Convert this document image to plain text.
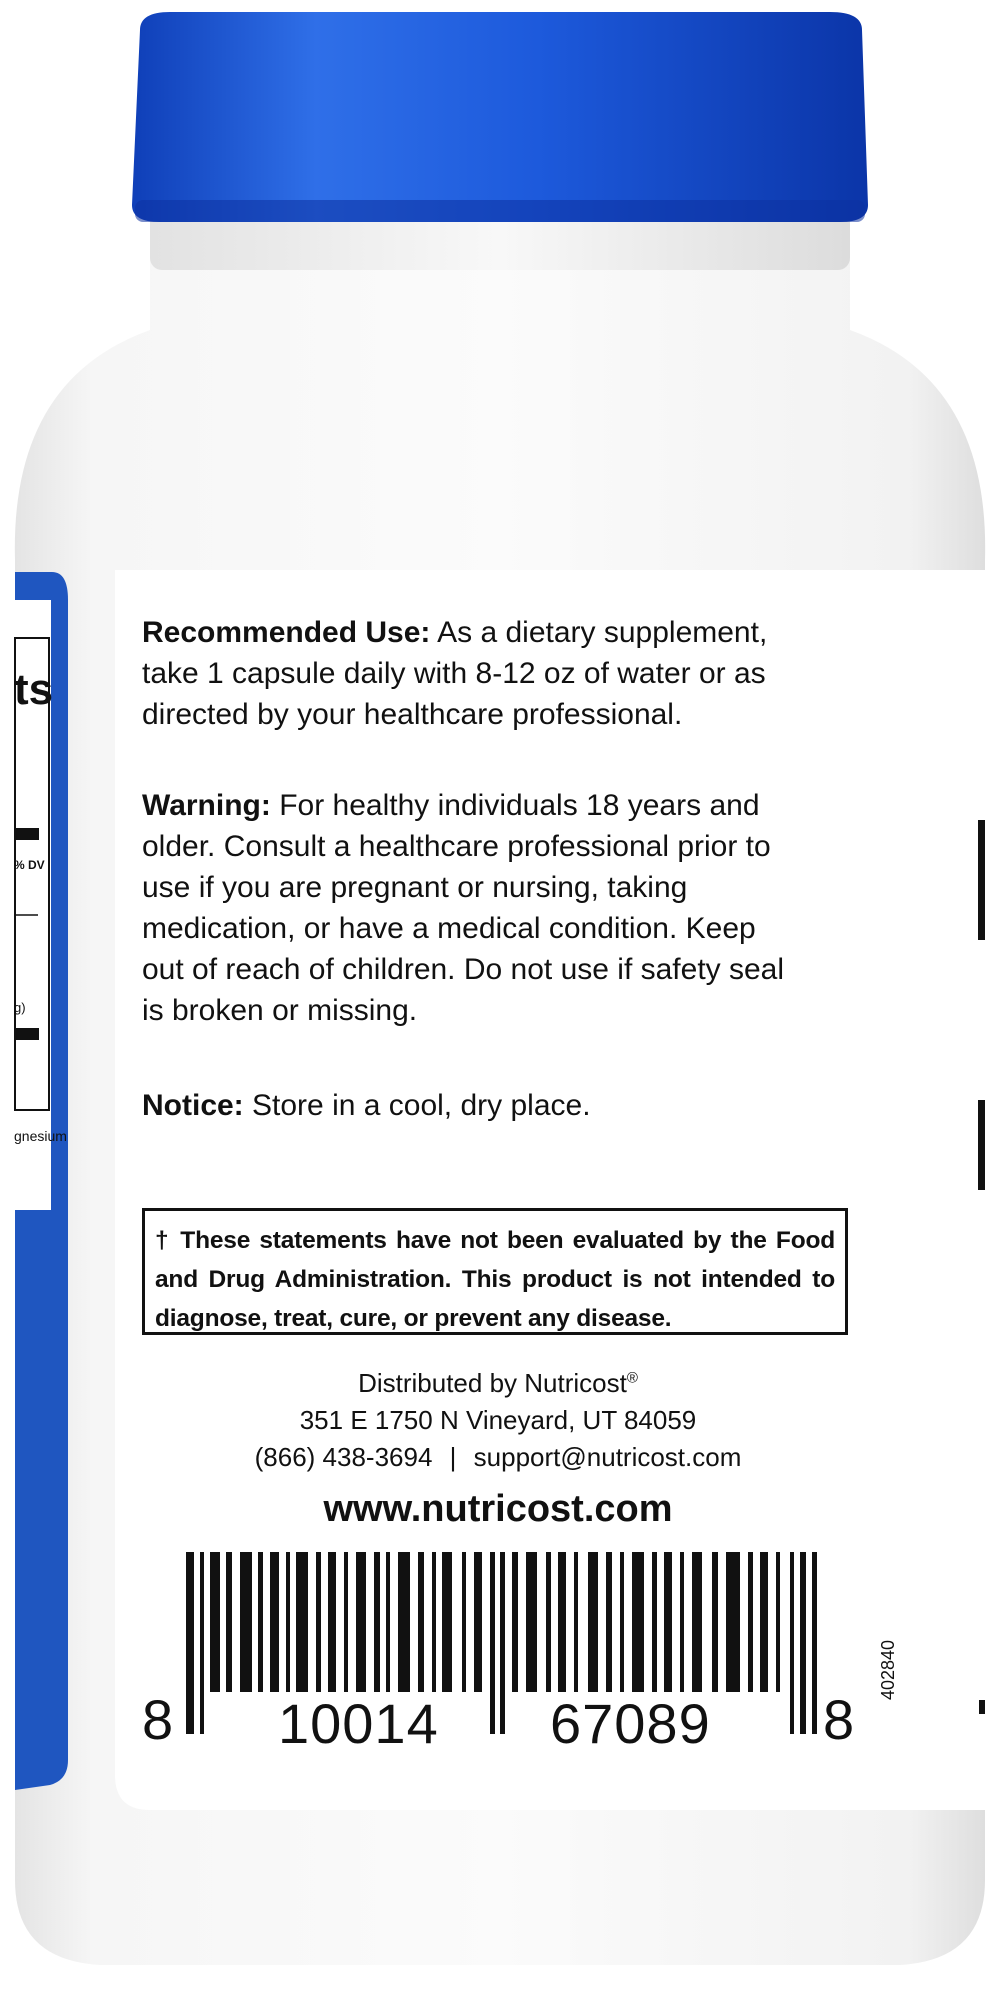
ts
% DV
g)
gnesium
Recommended Use: As a dietary supplement,
take 1 capsule daily with 8-12 oz of water or as
directed by your healthcare professional.
Warning: For healthy individuals 18 years and
older. Consult a healthcare professional prior to
use if you are pregnant or nursing, taking
medication, or have a medical condition. Keep
out of reach of children. Do not use if safety seal
is broken or missing.
Notice: Store in a cool, dry place.
† These statements have not been evaluated by the Food
and Drug Administration. This product is not intended to
diagnose, treat, cure, or prevent any disease.
Distributed by Nutricost®
351 E 1750 N Vineyard, UT 84059
(866) 438-3694 | support@nutricost.com
www.nutricost.com
8 10014 67089 8
402840
